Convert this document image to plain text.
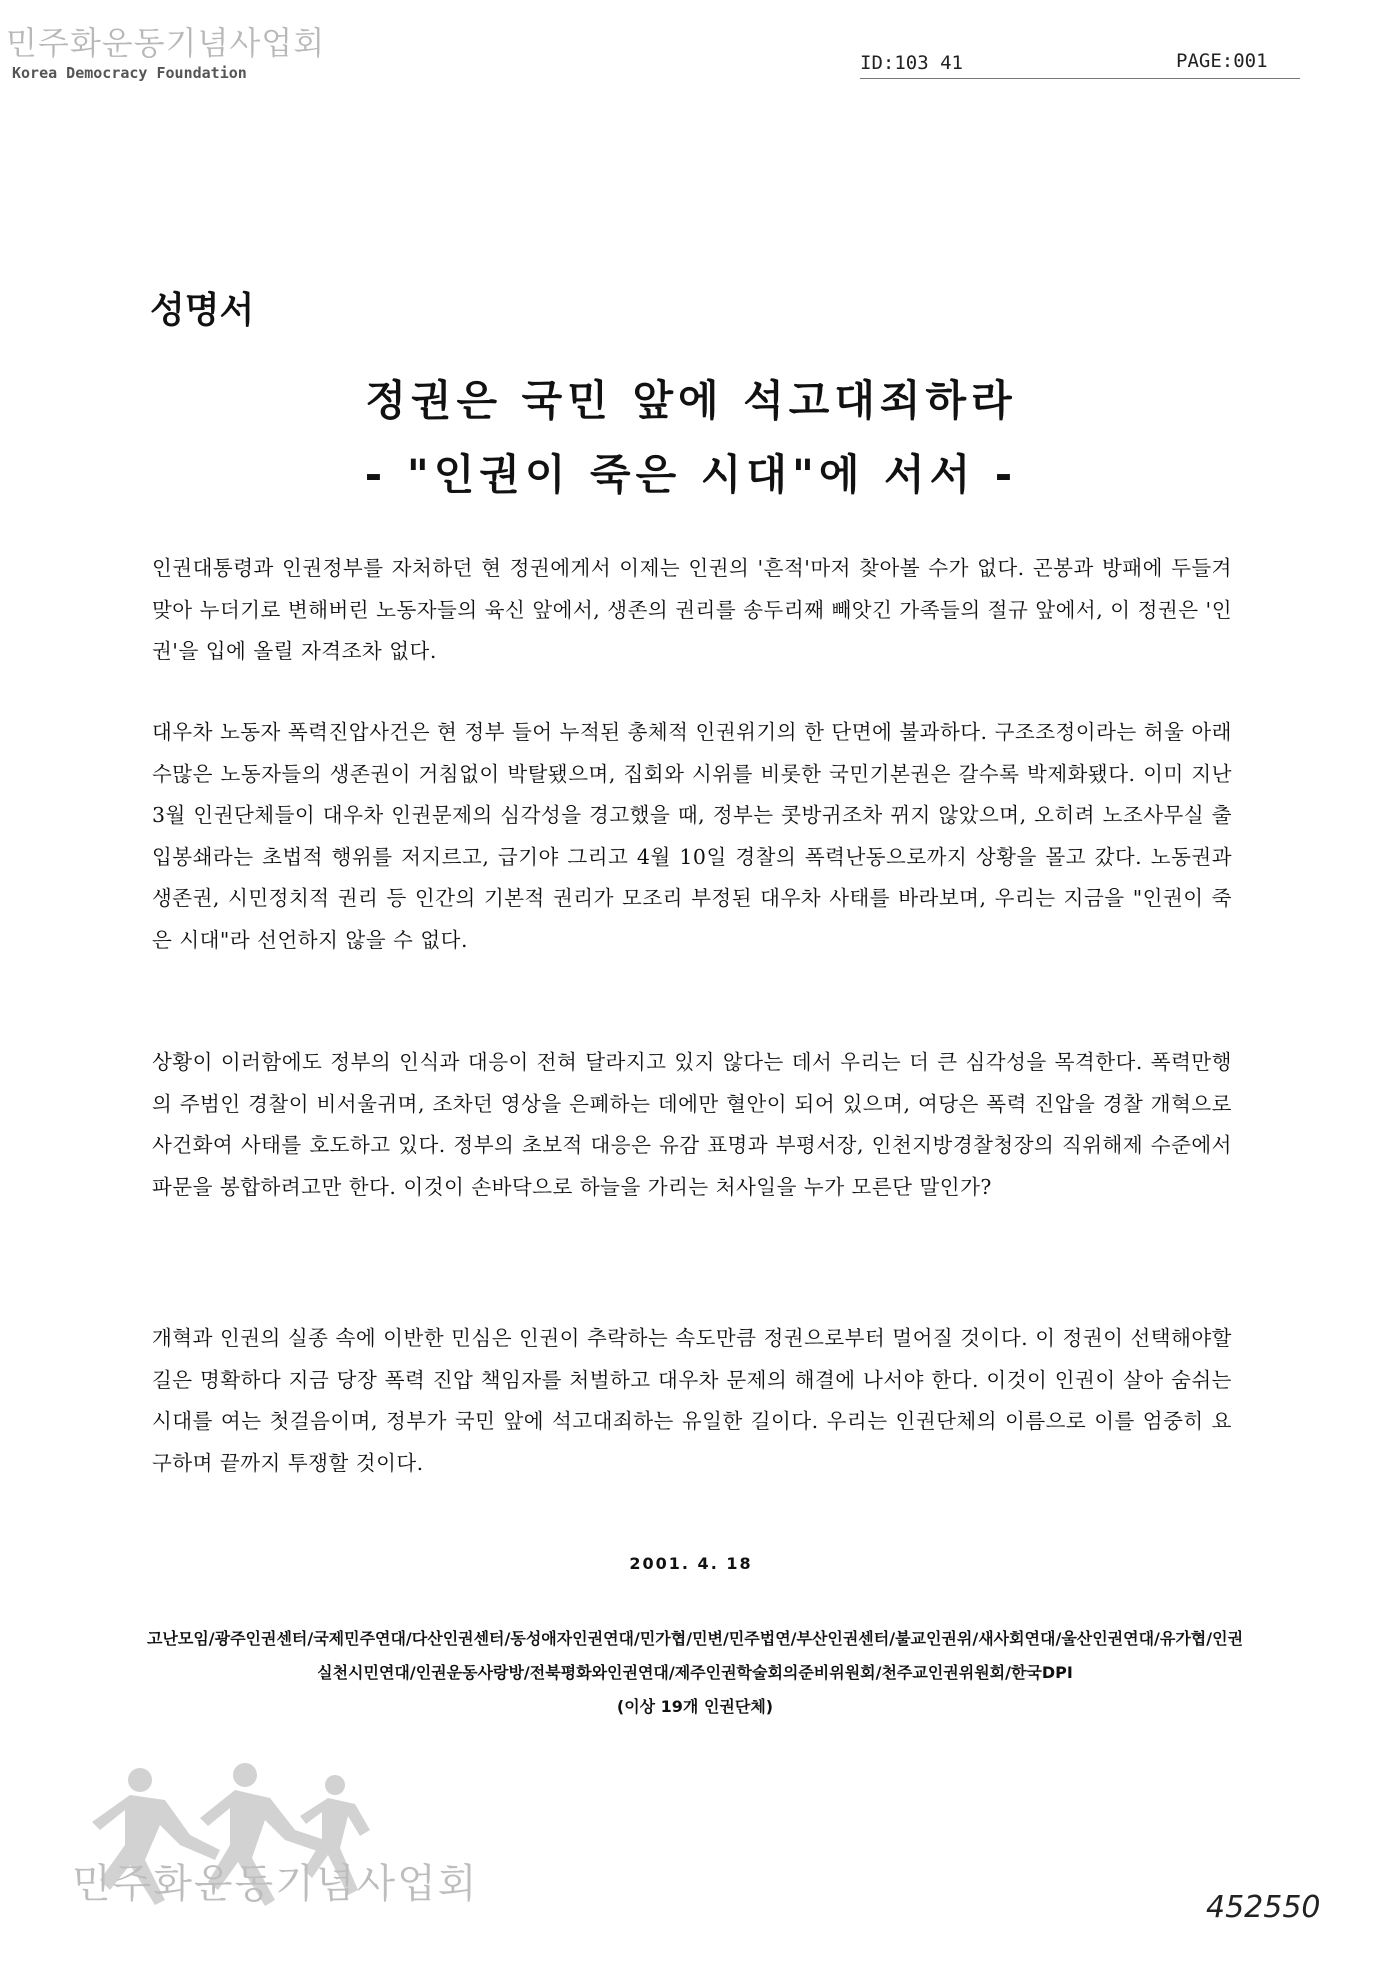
민주화운동기념사업회
Korea Democracy Foundation	ID:103 41	PAGE:001
성명서
정권은 국민 앞에 석고대죄하라
- "인권이 죽은 시대"에 서서 -
인권대통령과 인권정부를 자처하던 현 정권에게서 이제는 인권의 '흔적'마저 찾아볼 수가 없다. 곤봉과 방패에 두들겨 맞아 누더기로 변해버린 노동자들의 육신 앞에서, 생존의 권리를 송두리째 빼앗긴 가족들의 절규 앞에서, 이 정권은 '인권'을 입에 올릴 자격조차 없다.
대우차 노동자 폭력진압사건은 현 정부 들어 누적된 총체적 인권위기의 한 단면에 불과하다. 구조조정이라는 허울 아래 수많은 노동자들의 생존권이 거침없이 박탈됐으며, 집회와 시위를 비롯한 국민기본권은 갈수록 박제화됐다. 이미 지난 3월 인권단체들이 대우차 인권문제의 심각성을 경고했을 때, 정부는 콧방귀조차 뀌지 않았으며, 오히려 노조사무실 출입봉쇄라는 초법적 행위를 저지르고, 급기야 그리고 4월 10일 경찰의 폭력난동으로까지 상황을 몰고 갔다. 노동권과 생존권, 시민정치적 권리 등 인간의 기본적 권리가 모조리 부정된 대우차 사태를 바라보며, 우리는 지금을 "인권이 죽은 시대"라 선언하지 않을 수 없다.
상황이 이러함에도 정부의 인식과 대응이 전혀 달라지고 있지 않다는 데서 우리는 더 큰 심각성을 목격한다. 폭력만행의 주범인 경찰이 비서울귀며, 조차던 영상을 은폐하는 데에만 혈안이 되어 있으며, 여당은 폭력 진압을 경찰 개혁으로 사건화여 사태를 호도하고 있다. 정부의 초보적 대응은 유감 표명과 부평서장, 인천지방경찰청장의 직위해제 수준에서 파문을 봉합하려고만 한다. 이것이 손바닥으로 하늘을 가리는 처사일을 누가 모른단 말인가?
개혁과 인권의 실종 속에 이반한 민심은 인권이 추락하는 속도만큼 정권으로부터 멀어질 것이다. 이 정권이 선택해야할 길은 명확하다 지금 당장 폭력 진압 책임자를 처벌하고 대우차 문제의 해결에 나서야 한다. 이것이 인권이 살아 숨쉬는 시대를 여는 첫걸음이며, 정부가 국민 앞에 석고대죄하는 유일한 길이다. 우리는 인권단체의 이름으로 이를 엄중히 요구하며 끝까지 투쟁할 것이다.
2001. 4. 18
고난모임/광주인권센터/국제민주연대/다산인권센터/동성애자인권연대/민가협/민변/민주법연/부산인권센터/불교인권위/새사회연대/울산인권연대/유가협/인권실천시민연대/인권운동사랑방/전북평화와인권연대/제주인권학술회의준비위원회/천주교인권위원회/한국DPI
(이상 19개 인권단체)
민주화운동기념사업회
452550
